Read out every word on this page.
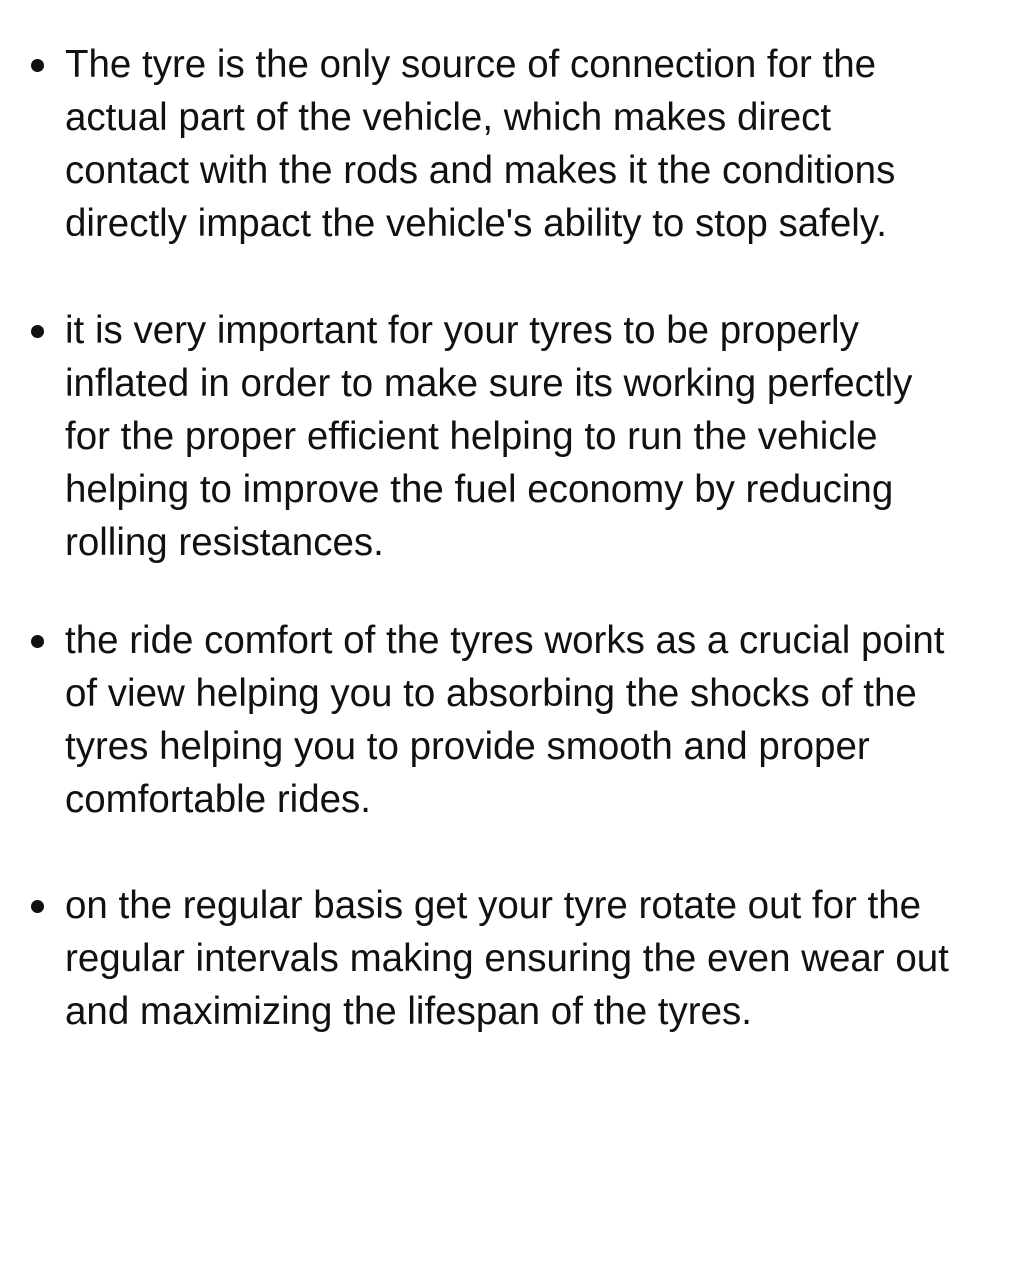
The tyre is the only source of connection for the
actual part of the vehicle, which makes direct
contact with the rods and makes it the conditions
directly impact the vehicle's ability to stop safely.

it is very important for your tyres to be properly
inflated in order to make sure its working perfectly
for the proper efficient helping to run the vehicle
helping to improve the fuel economy by reducing
rolling resistances.

the ride comfort of the tyres works as a crucial point
of view helping you to absorbing the shocks of the
tyres helping you to provide smooth and proper
comfortable rides.

on the regular basis get your tyre rotate out for the
regular intervals making ensuring the even wear out
and maximizing the lifespan of the tyres.
